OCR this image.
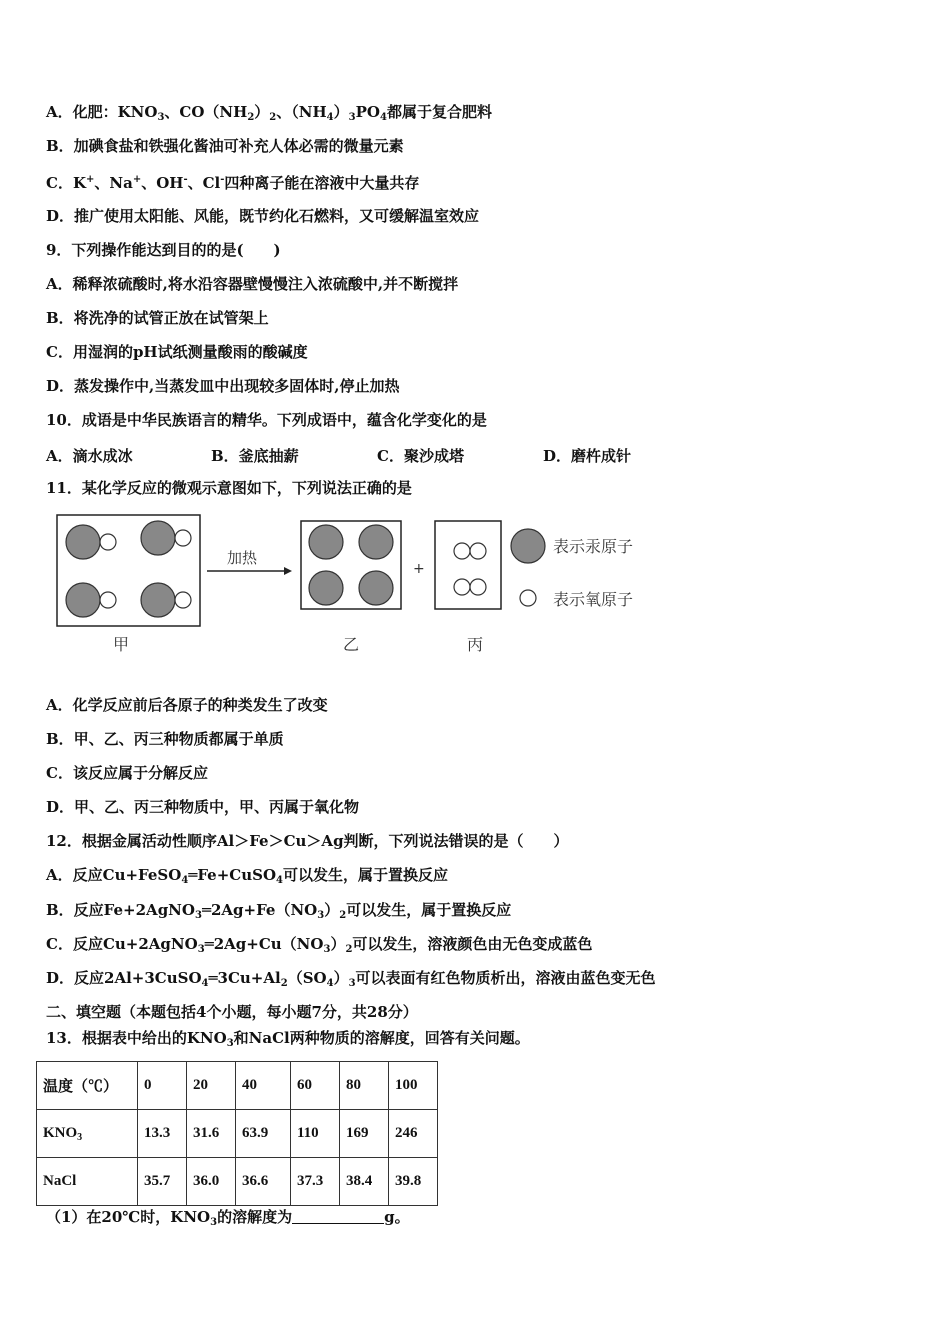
A．化肥：$KNO_3$、$CO(NH_2)_2$、$(NH_4)_3PO_4$都属于复合肥料
B．加碘食盐和铁强化酱油可补充人体必需的微量元素
C．K+、Na+、OH-、Cl-四种离子能在溶液中大量共存
D．推广使用太阳能、风能，既节约化石燃料，又可缓解温室效应
9．下列操作能达到目的的是(　　)
A．稀释浓硫酸时,将水沿容器壁慢慢注入浓硫酸中,并不断搅拌
B．将洗净的试管正放在试管架上
C．用湿润的pH试纸测量酸雨的酸碱度
D．蒸发操作中,当蒸发皿中出现较多固体时,停止加热
10．成语是中华民族语言的精华。下列成语中，蕴含化学变化的是
A．滴水成冰	B．釜底抽薪	C．聚沙成塔	D．磨杵成针
11．某化学反应的微观示意图如下，下列说法正确的是
加热
+
表示汞原子
表示氧原子
甲	乙	丙
A．化学反应前后各原子的种类发生了改变
B．甲、乙、丙三种物质都属于单质
C．该反应属于分解反应
D．甲、乙、丙三种物质中，甲、丙属于氧化物
12．根据金属活动性顺序Al＞Fe＞Cu＞Ag判断，下列说法错误的是（　　）
A．反应Cu+FeSO$_4$═Fe+CuSO$_4$可以发生，属于置换反应
B．反应$Fe+2AgNO_3═2Ag+Fe(NO_3)_2$可以发生，属于置换反应
C．反应$Cu+2AgNO_3═2Ag+Cu(NO_3)_2$可以发生，溶液颜色由无色变成蓝色
D．反应$2Al+3CuSO_4═3Cu+Al_2(SO_4)_3$可以表面有红色物质析出，溶液由蓝色变无色
二、填空题（本题包括4个小题，每小题7分，共28分）
13．根据表中给出的$KNO_3$和NaCl两种物质的溶解度，回答有关问题。
温度（℃）	0	20	40	60	80	100
$KNO_3$	13.3	31.6	63.9	110	169	246
NaCl	35.7	36.0	36.6	37.3	38.4	39.8
（1）在20℃时，$KNO_3$的溶解度为	g。
